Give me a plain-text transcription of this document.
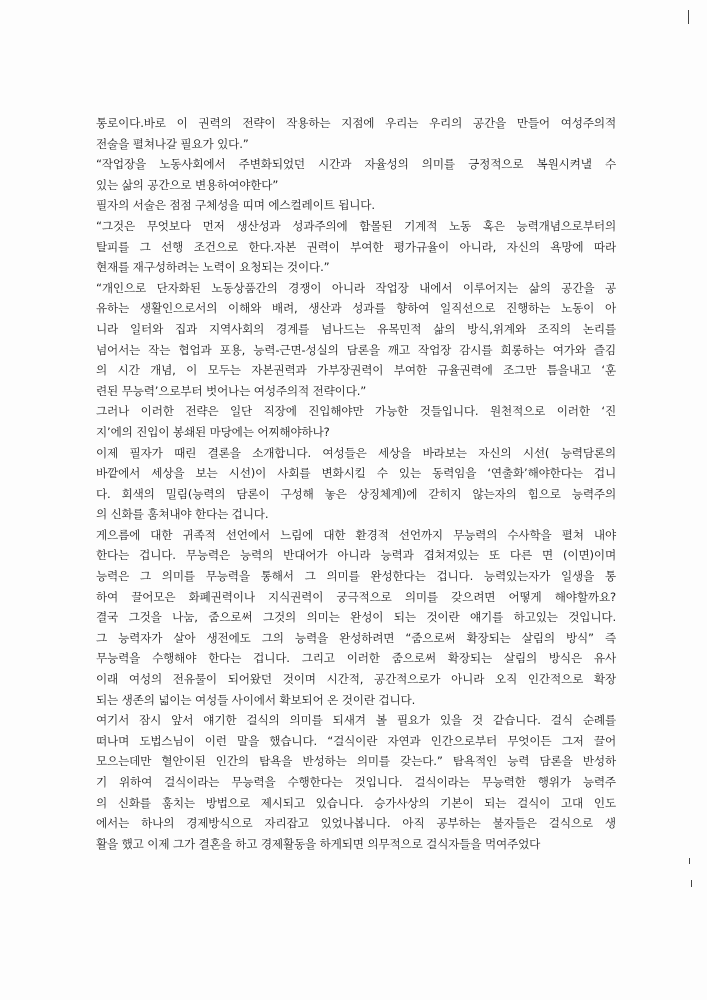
통로이다.바로 이 권력의 전략이 작용하는 지점에 우리는 우리의 공간을 만들어 여성주의적
전술을 펼쳐나갈 필요가 있다.”
“작업장을 노동사회에서 주변화되었던 시간과 자율성의 의미를 긍정적으로 복원시켜낼 수
있는 삶의 공간으로 변용하여야한다”
필자의 서술은 점점 구체성을 띠며 에스컬레이트 됩니다.
“그것은 무엇보다 먼저 생산성과 성과주의에 함몰된 기계적 노동 혹은 능력개념으로부터의
탈피를 그 선행 조건으로 한다.자본 권력이 부여한 평가규율이 아니라, 자신의 욕망에 따라
현재를 재구성하려는 노력이 요청되는 것이다.”
“개인으로 단자화된 노동상품간의 경쟁이 아니라 작업장 내에서 이루어지는 삶의 공간을 공
유하는 생활인으로서의 이해와 배려, 생산과 성과를 향하여 일직선으로 진행하는 노동이 아
니라 일터와 집과 지역사회의 경계를 넘나드는 유목민적 삶의 방식,위계와 조직의 논리를
넘어서는 작는 협업과 포용, 능력-근면-성실의 담론을 깨고 작업장 감시를 희롱하는 여가와 즐김
의 시간 개념, 이 모두는 자본권력과 가부장권력이 부여한 규율권력에 조그만 틈을내고 ‘훈
련된 무능력’으로부터 벗어나는 여성주의적 전략이다.”
그러나 이러한 전략은 일단 직장에 진입해야만 가능한 것들입니다. 원천적으로 이러한 ‘진
지’에의 진입이 봉쇄된 마당에는 어찌해야하나?
이제 필자가 때린 결론을 소개합니다. 여성들은 세상을 바라보는 자신의 시선( 능력담론의
바깥에서 세상을 보는 시선)이 사회를 변화시킬 수 있는 동력임을 ‘연출화’해야한다는 겁니
다. 회색의 밀림(능력의 담론이 구성해 놓은 상징체계)에 갇히지 않는자의 힘으로 능력주의
의 신화를 훔쳐내야 한다는 겁니다.
게으름에 대한 귀족적 선언에서 느림에 대한 환경적 선언까지 무능력의 수사학을 펼쳐 내야
한다는 겁니다. 무능력은 능력의 반대어가 아니라 능력과 겹쳐져있는 또 다른 면 (이면)이며
능력은 그 의미를 무능력을 통해서 그 의미를 완성한다는 겁니다. 능력있는자가 일생을 통
하여 끌어모은 화폐권력이나 지식권력이 궁극적으로 의미를 갖으려면 어떻게 해야할까요?
결국 그것을 나눔, 줌으로써 그것의 의미는 완성이 되는 것이란 얘기를 하고있는 것입니다.
그 능력자가 살아 생전에도 그의 능력을 완성하려면 “줌으로써 확장되는 살림의 방식” 즉
무능력을 수행해야 한다는 겁니다. 그리고 이러한 줌으로써 확장되는 살림의 방식은 유사
이래 여성의 전유물이 되어왔던 것이며 시간적, 공간적으로가 아니라 오직 인간적으로 확장
되는 생존의 넓이는 여성들 사이에서 확보되어 온 것이란 겁니다.
여기서 잠시 앞서 얘기한 걸식의 의미를 되새겨 볼 필요가 있을 것 같습니다. 걸식 순례를
떠나며 도법스님이 이런 말을 했습니다. “걸식이란 자연과 인간으로부터 무엇이든 그저 끌어
모으는데만 혈안이된 인간의 탐욕을 반성하는 의미를 갖는다.” 탐욕적인 능력 담론을 반성하
기 위하여 걸식이라는 무능력을 수행한다는 것입니다. 걸식이라는 무능력한 행위가 능력주
의 신화를 훔치는 방법으로 제시되고 있습니다. 승가사상의 기본이 되는 걸식이 고대 인도
에서는 하나의 경제방식으로 자리잡고 있었나봅니다. 아직 공부하는 불자들은 걸식으로 생
활을 했고 이제 그가 결혼을 하고 경제활동을 하게되면 의무적으로 걸식자들을 먹여주었다
